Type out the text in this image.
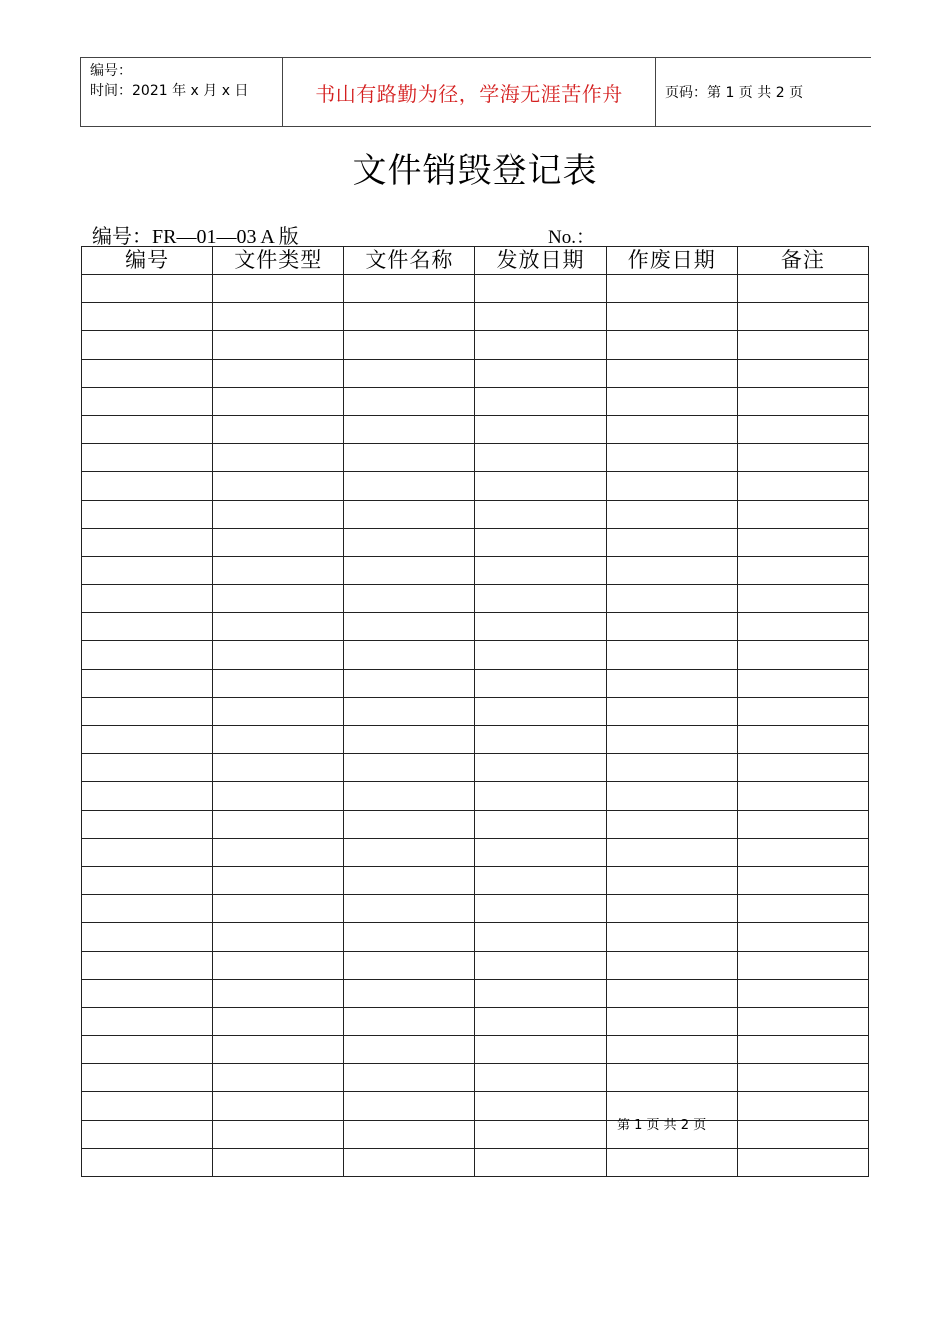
编号：
时间：2021 年 x 月 x 日	书山有路勤为径，学海无涯苦作舟	页码：第 1 页 共 2 页
文件销毁登记表
编号：FR—01—03 A 版	No.：
编号	文件类型	文件名称	发放日期	作废日期	备注

第 1 页 共 2 页
